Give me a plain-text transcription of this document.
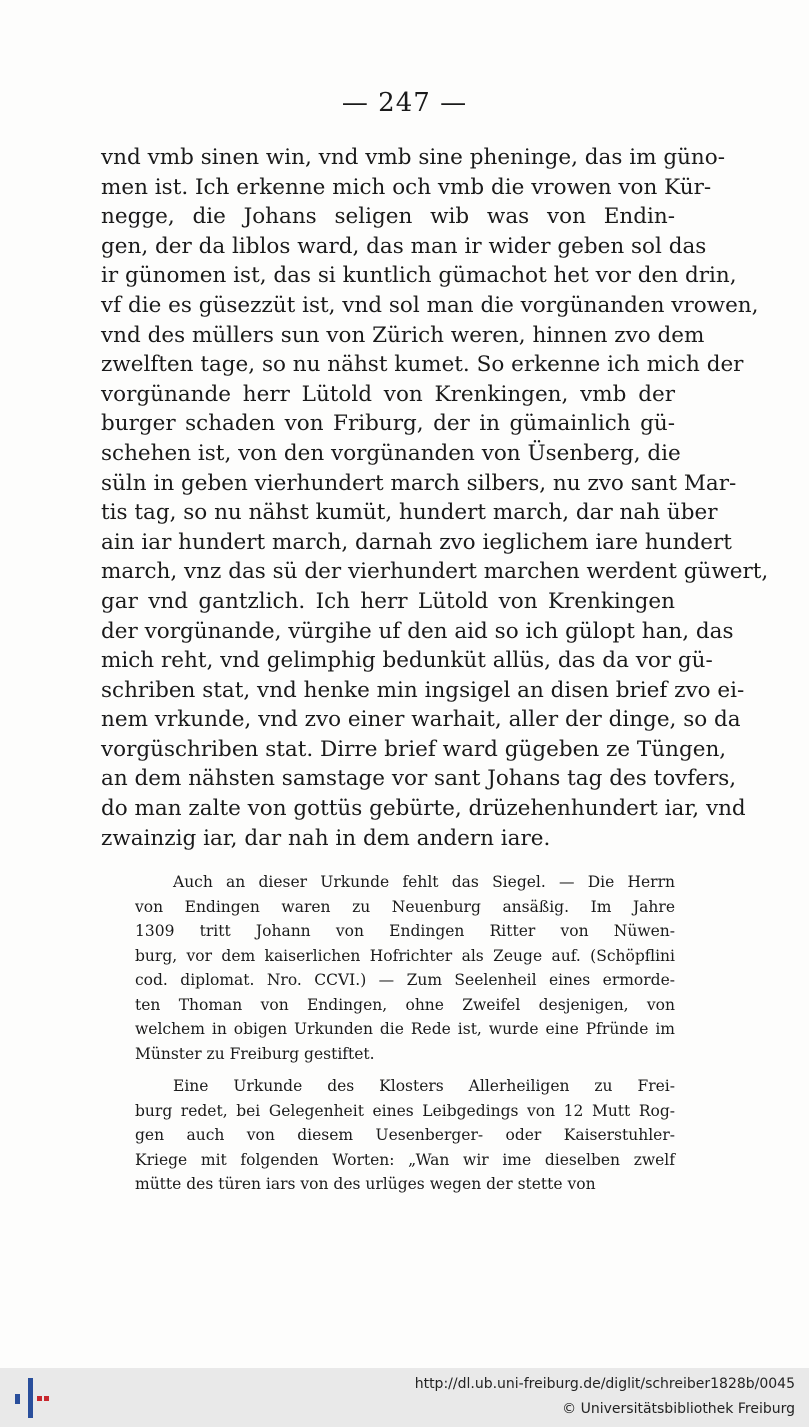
— 247 —
vnd vmb sinen win, vnd vmb sine pheninge, das im güno-
men ist. Ich erkenne mich och vmb die vrowen von Kür-
negge, die Johans seligen wib was von Endin-
gen, der da liblos ward, das man ir wider geben sol das
ir günomen ist, das si kuntlich gümachot het vor den drin,
vf die es güsezzüt ist, vnd sol man die vorgünanden vrowen,
vnd des müllers sun von Zürich weren, hinnen zvo dem
zwelften tage, so nu nähst kumet. So erkenne ich mich der
vorgünande herr Lütold von Krenkingen, vmb der
burger schaden von Friburg, der in gümainlich gü-
schehen ist, von den vorgünanden von Üsenberg, die
süln in geben vierhundert march silbers, nu zvo sant Mar-
tis tag, so nu nähst kumüt, hundert march, dar nah über
ain iar hundert march, darnah zvo ieglichem iare hundert
march, vnz das sü der vierhundert marchen werdent güwert,
gar vnd gantzlich. Ich herr Lütold von Krenkingen
der vorgünande, vürgihe uf den aid so ich gülopt han, das
mich reht, vnd gelimphig bedunküt allüs, das da vor gü-
schriben stat, vnd henke min ingsigel an disen brief zvo ei-
nem vrkunde, vnd zvo einer warhait, aller der dinge, so da
vorgüschriben stat. Dirre brief ward gügeben ze Tüngen,
an dem nähsten samstage vor sant Johans tag des tovfers,
do man zalte von gottüs gebürte, drüzehenhundert iar, vnd
zwainzig iar, dar nah in dem andern iare.
Auch an dieser Urkunde fehlt das Siegel. — Die Herrn
von Endingen waren zu Neuenburg ansäßig. Im Jahre
1309 tritt Johann von Endingen Ritter von Nüwen-
burg, vor dem kaiserlichen Hofrichter als Zeuge auf. (Schöpflini
cod. diplomat. Nro. CCVI.) — Zum Seelenheil eines ermorde-
ten Thoman von Endingen, ohne Zweifel desjenigen, von
welchem in obigen Urkunden die Rede ist, wurde eine Pfründe im
Münster zu Freiburg gestiftet.
Eine Urkunde des Klosters Allerheiligen zu Frei-
burg redet, bei Gelegenheit eines Leibgedings von 12 Mutt Rog-
gen auch von diesem Uesenberger- oder Kaiserstuhler-
Kriege mit folgenden Worten: „Wan wir ime dieselben zwelf
mütte des türen iars von des urlüges wegen der stette von
http://dl.ub.uni-freiburg.de/diglit/schreiber1828b/0045
© Universitätsbibliothek Freiburg
